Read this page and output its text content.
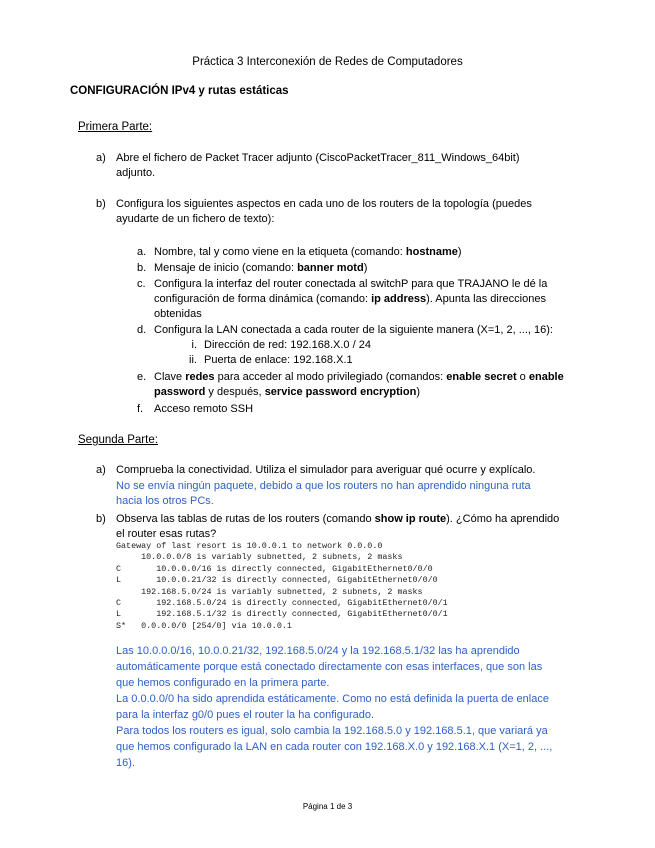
Práctica 3 Interconexión de Redes de Computadores
CONFIGURACIÓN IPv4 y rutas estáticas
Primera Parte:
a) Abre el fichero de Packet Tracer adjunto (CiscoPacketTracer_811_Windows_64bit)
adjunto.
b) Configura los siguientes aspectos en cada uno de los routers de la topología (puedes
ayudarte de un fichero de texto):
a. Nombre, tal y como viene en la etiqueta (comando: hostname)
b. Mensaje de inicio (comando: banner motd)
c. Configura la interfaz del router conectada al switchP para que TRAJANO le dé la
configuración de forma dinámica (comando: ip address). Apunta las direcciones
obtenidas
d. Configura la LAN conectada a cada router de la siguiente manera (X=1, 2, ..., 16):
i. Dirección de red: 192.168.X.0 / 24
ii. Puerta de enlace: 192.168.X.1
e. Clave redes para acceder al modo privilegiado (comandos: enable secret o enable
password y después, service password encryption)
f. Acceso remoto SSH
Segunda Parte:
a) Comprueba la conectividad. Utiliza el simulador para averiguar qué ocurre y explícalo.
No se envía ningún paquete, debido a que los routers no han aprendido ninguna ruta
hacia los otros PCs.
b) Observa las tablas de rutas de los routers (comando show ip route). ¿Cómo ha aprendido
el router esas rutas?
Gateway of last resort is 10.0.0.1 to network 0.0.0.0
10.0.0.0/8 is variably subnetted, 2 subnets, 2 masks
C       10.0.0.0/16 is directly connected, GigabitEthernet0/0/0
L       10.0.0.21/32 is directly connected, GigabitEthernet0/0/0
192.168.5.0/24 is variably subnetted, 2 subnets, 2 masks
C       192.168.5.0/24 is directly connected, GigabitEthernet0/0/1
L       192.168.5.1/32 is directly connected, GigabitEthernet0/0/1
S*   0.0.0.0/0 [254/0] via 10.0.0.1
Las 10.0.0.0/16, 10.0.0.21/32, 192.168.5.0/24 y la 192.168.5.1/32 las ha aprendido
automáticamente porque está conectado directamente con esas interfaces, que son las
que hemos configurado en la primera parte.
La 0.0.0.0/0 ha sido aprendida estáticamente. Como no está definida la puerta de enlace
para la interfaz g0/0 pues el router la ha configurado.
Para todos los routers es igual, solo cambia la 192.168.5.0 y 192.168.5.1, que variará ya
que hemos configurado la LAN en cada router con 192.168.X.0 y 192.168.X.1 (X=1, 2, ...,
16).
Página 1 de 3
